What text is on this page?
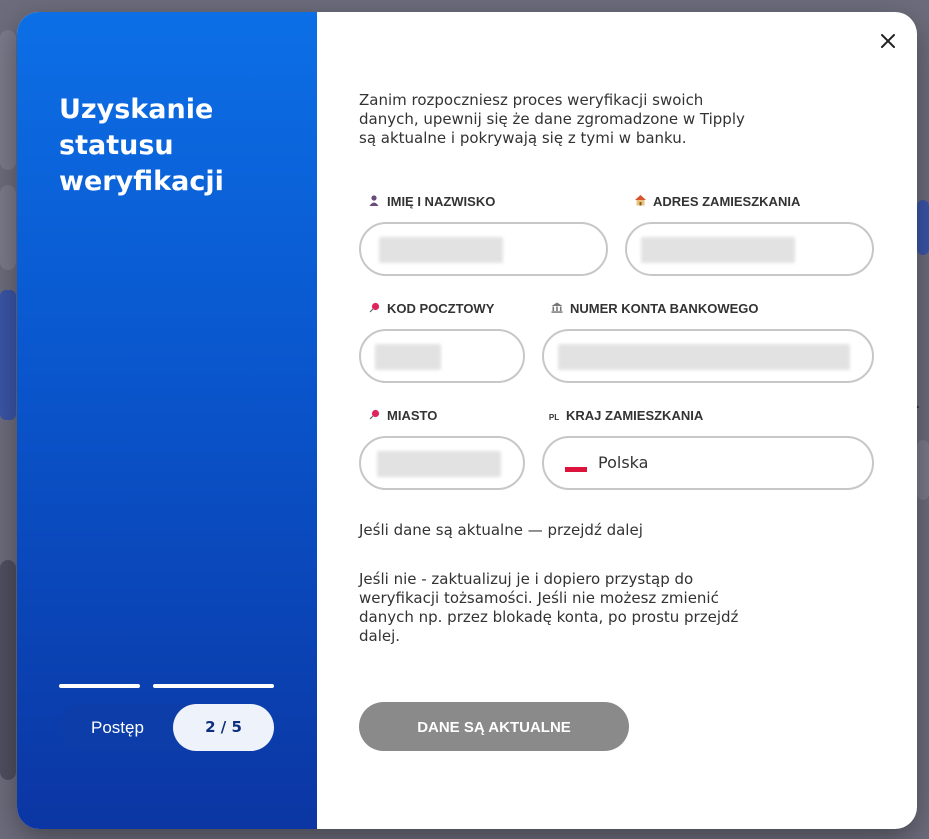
Uzyskanie statusu weryfikacji
Postęp	2 / 5
Zanim rozpoczniesz proces weryfikacji swoich danych, upewnij się że dane zgromadzone w Tipply są aktualne i pokrywają się z tymi w banku.
IMIĘ I NAZWISKO	ADRES ZAMIESZKANIA
KOD POCZTOWY	NUMER KONTA BANKOWEGO
MIASTO	PL KRAJ ZAMIESZKANIA
Polska
Jeśli dane są aktualne — przejdź dalej
Jeśli nie - zaktualizuj je i dopiero przystąp do weryfikacji tożsamości. Jeśli nie możesz zmienić danych np. przez blokadę konta, po prostu przejdź dalej.
DANE SĄ AKTUALNE
